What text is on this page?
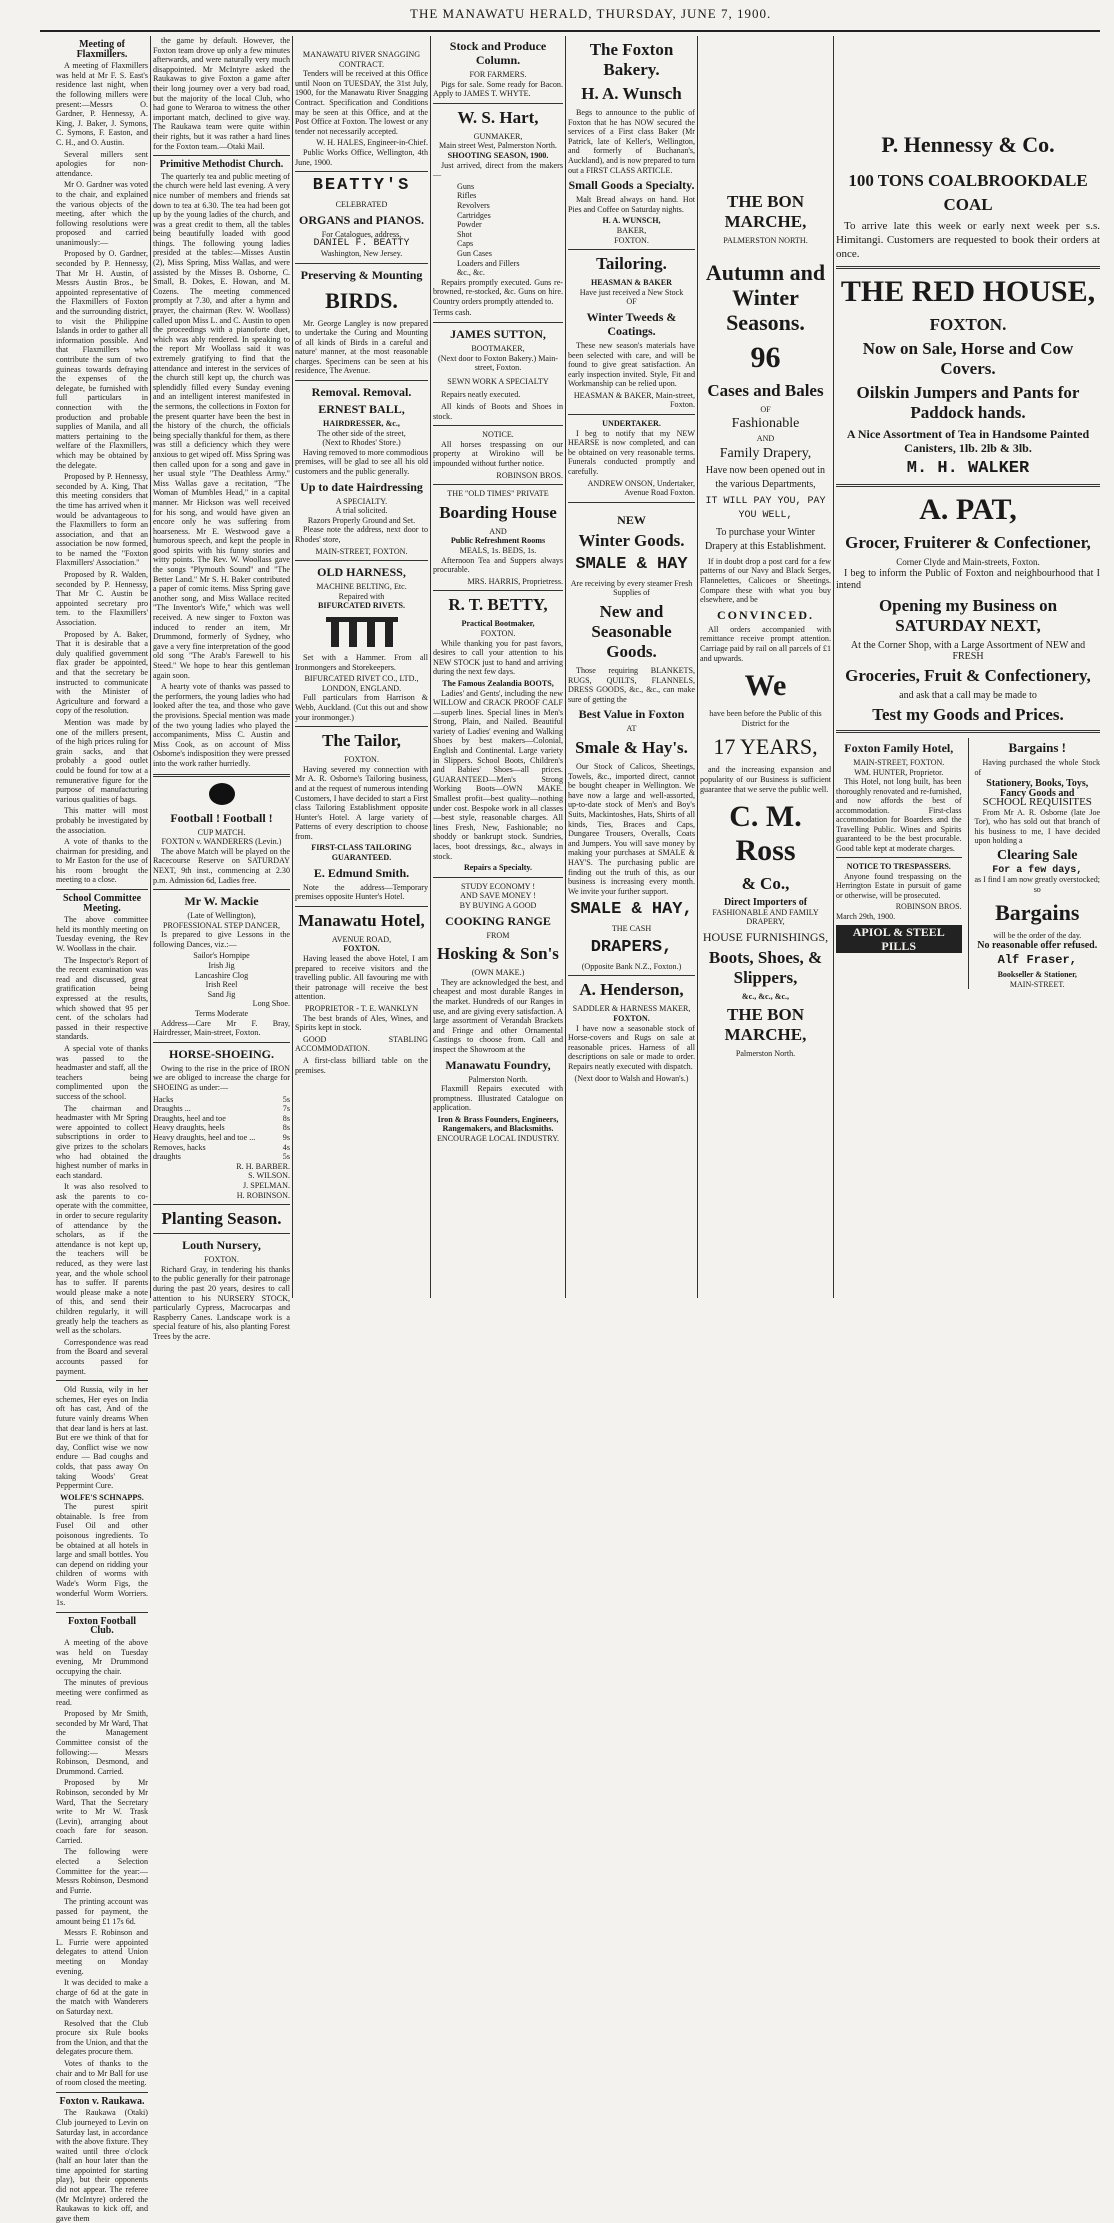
THE MANAWATU HERALD, THURSDAY, JUNE 7, 1900.
Meeting of Flaxmillers.

A meeting of Flaxmillers was held at Mr F. S. East's residence last night, when the following millers were present:—Messrs O. Gardner, P. Hennessy, A. King, J. Baker, J. Symons, C. Symons, F. Easton, and C. H., and O. Austin.

Several millers sent apologies for non-attendance.

Mr O. Gardner was voted to the chair, and explained the various objects of the meeting, after which the following resolutions were proposed and carried unanimously:—

Proposed by O. Gardner, seconded by P. Hennessy, That Mr H. Austin, of Messrs Austin Bros., be appointed representative of the Flaxmillers of Foxton and the surrounding district, to visit the Philippine Islands in order to gather all information possible. And that Flaxmillers who contribute the sum of two guineas towards defraying the expenses of the delegate, be furnished with full particulars in connection with the production and probable supplies of Manila, and all matters pertaining to the welfare of the Flaxmillers, which may be obtained by the delegate.

Proposed by P. Hennessy, seconded by A. King, That this meeting considers that the time has arrived when it would be advantageous to the Flaxmillers to form an association, and that an association be now formed, to be named the "Foxton Flaxmillers' Association."

Proposed by R. Walden, seconded by P. Hennessy, That Mr C. Austin be appointed secretary pro tem. to the Flaxmillers' Association.

Proposed by A. Baker, That it is desirable that a duly qualified government flax grader be appointed, and that the secretary be instructed to communicate with the Minister of Agriculture and forward a copy of the resolution.

Mention was made by one of the millers present, of the high prices ruling for grain sacks, and that probably a good outlet could be found for tow at a remunerative figure for the purpose of manufacturing various qualities of bags.

This matter will most probably be investigated by the association.

A vote of thanks to the chairman for presiding, and to Mr Easton for the use of his room brought the meeting to a close.

School Committee Meeting.

The above committee held its monthly meeting on Tuesday evening, the Rev W. Woollass in the chair.

The Inspector's Report of the recent examination was read and discussed, great gratification being expressed at the results, which showed that 95 per cent. of the scholars had passed in their respective standards.

A special vote of thanks was passed to the headmaster and staff, all the teachers being complimented upon the success of the school.

The chairman and headmaster with Mr Spring were appointed to collect subscriptions in order to give prizes to the scholars who had obtained the highest number of marks in each standard.

It was also resolved to ask the parents to co-operate with the committee, in order to secure regularity of attendance by the scholars, as if the attendance is not kept up, the teachers will be reduced, as they were last year, and the whole school has to suffer. If parents would please make a note of this, and send their children regularly, it will greatly help the teachers as well as the scholars.

Correspondence was read from the Board and several accounts passed for payment.

Old Russia, wily in her schemes, Her eyes on India oft has cast, And of the future vainly dreams When that dear land is hers at last. But ere we think of that for day, Conflict wise we now endure — Bad coughs and colds, that pass away On taking Woods' Great Peppermint Cure.

WOLFE'S SCHNAPPS.

The purest spirit obtainable. Is free from Fusel Oil and other poisonous ingredients. To be obtained at all hotels in large and small bottles. You can depend on ridding your children of worms with Wade's Worm Figs, the wonderful Worm Worriers. 1s.

Foxton Football Club.

A meeting of the above was held on Tuesday evening, Mr Drummond occupying the chair.

The minutes of previous meeting were confirmed as read.

Proposed by Mr Smith, seconded by Mr Ward, That the Management Committee consist of the following:— Messrs Robinson, Desmond, and Drummond. Carried.

Proposed by Mr Robinson, seconded by Mr Ward, That the Secretary write to Mr W. Trask (Levin), arranging about coach fare for season. Carried.

The following were elected a Selection Committee for the year:—Messrs Robinson, Desmond and Furrie.

The printing account was passed for payment, the amount being £1 17s 6d.

Messrs F. Robinson and L. Furrie were appointed delegates to attend Union meeting on Monday evening.

It was decided to make a charge of 6d at the gate in the match with Wanderers on Saturday next.

Resolved that the Club procure six Rule books from the Union, and that the delegates procure them.

Votes of thanks to the chair and to Mr Ball for use of room closed the meeting.

Foxton v. Raukawa.

The Raukawa (Otaki) Club journeyed to Levin on Saturday last, in accordance with the above fixture. They waited until three o'clock (half an hour later than the time appointed for starting play), but their opponents did not appear. The referee (Mr McIntyre) ordered the Raukawas to kick off, and gave them

the game by default. However, the Foxton team drove up only a few minutes afterwards, and were naturally very much disappointed. Mr McIntyre asked the Raukawas to give Foxton a game after their long journey over a very bad road, but the majority of the local Club, who had gone to Weraroa to witness the other important match, declined to give way. The Raukawa team were quite within their rights, but it was rather a hard lines for the Foxton team.—Otaki Mail.

Primitive Methodist Church.

The quarterly tea and public meeting of the church were held last evening. A very nice number of members and friends sat down to tea at 6.30. The tea had been got up by the young ladies of the church, and was a great credit to them, all the tables being beautifully loaded with good things. The following young ladies presided at the tables:—Misses Austin (2), Miss Spring, Miss Wallas, and were assisted by the Misses B. Osborne, C. Small, B. Dokes, E. Howan, and M. Cozens. The meeting commenced promptly at 7.30, and after a hymn and prayer, the chairman (Rev. W. Woollass) called upon Miss L. and C. Austin to open the proceedings with a pianoforte duet, which was ably rendered. In speaking to the report Mr Woollass said it was extremely gratifying to find that the attendance and interest in the services of the church still kept up, the church was splendidly filled every Sunday evening and an intelligent interest manifested in the sermons, the collections in Foxton for the present quarter have been the best in the history of the church, the officials being specially thankful for them, as there was still a deficiency which they were anxious to get wiped off. Miss Spring was then called upon for a song and gave in her usual style "The Deathless Army." Miss Wallas gave a recitation, "The Woman of Mumbles Head," in a capital manner. Mr Hickson was well received for his song, and would have given an encore only he was suffering from hoarseness. Mr E. Westwood gave a humorous speech, and kept the people in good spirits with his funny stories and witty points. The Rev. W. Woollass gave the songs "Plymouth Sound" and "The Better Land." Mr S. H. Baker contributed a paper of comic items. Miss Spring gave another song, and Miss Wallace recited "The Inventor's Wife," which was well received. A new singer to Foxton was induced to render an item, Mr Drummond, formerly of Sydney, who gave a very fine interpretation of the good old song "The Arab's Farewell to his Steed." We hope to hear this gentleman again soon.

A hearty vote of thanks was passed to the performers, the young ladies who had looked after the tea, and those who gave the provisions. Special mention was made of the two young ladies who played the accompaniments, Miss C. Austin and Miss Cook, as on account of Miss Osborne's indisposition they were pressed into the work rather hurriedly.

Football ! Football !
CUP MATCH.
FOXTON v. WANDERERS (Levin.)

The above Match will be played on the Racecourse Reserve on SATURDAY NEXT, 9th inst., commencing at 2.30 p.m. Admission 6d, Ladies free.

Mr W. Mackie
(Late of Wellington),
PROFESSIONAL STEP DANCER,

Is prepared to give Lessons in the following Dances, viz.:—

Sailor's Hornpipe
Irish Jig
Lancashire Clog
Irish Reel
Sand Jig
Long Shoe.
Terms Moderate

Address—Care Mr F. Bray, Hairdresser, Main-street, Foxton.

HORSE-SHOEING.

Owing to the rise in the price of IRON we are obliged to increase the charge for SHOEING as under:—

Hacks	5s
Draughts ...	7s
Draughts, heel and toe	8s
Heavy draughts, heels	8s
Heavy draughts, heel and toe ...	9s
Removes, hacks	4s
draughts	5s
R. H. BARBER.
S. WILSON.
J. SPELMAN.
H. ROBINSON.
Planting Season.
Louth Nursery,
FOXTON.

Richard Gray, in tendering his thanks to the public generally for their patronage during the past 20 years, desires to call attention to his NURSERY STOCK, particularly Cypress, Macrocarpas and Raspberry Canes. Landscape work is a special feature of his, also planting Forest Trees by the acre.

MANAWATU RIVER SNAGGING CONTRACT.

Tenders will be received at this Office until Noon on TUESDAY, the 31st July, 1900, for the Manawatu River Snagging Contract. Specification and Conditions may be seen at this Office, and at the Post Office at Foxton. The lowest or any tender not necessarily accepted.

W. H. HALES, Engineer-in-Chief.

Public Works Office, Wellington, 4th June, 1900.

BEATTY'S
CELEBRATED
ORGANS and PIANOS.
For Catalogues, address,
DANIEL F. BEATTY
Washington, New Jersey.
Preserving & Mounting
BIRDS.

Mr. George Langley is now prepared to undertake the Curing and Mounting of all kinds of Birds in a careful and nature' manner, at the most reasonable charges. Specimens can be seen at his residence, The Avenue.

Removal. Removal.
ERNEST BALL,
HAIRDRESSER, &c.,
The other side of the street,
(Next to Rhodes' Store.)

Having removed to more commodious premises, will be glad to see all his old customers and the public generally.

Up to date Hairdressing
A SPECIALTY.
A trial solicited.
Razors Properly Ground and Set.

Please note the address, next door to Rhodes' store,

MAIN-STREET, FOXTON.
OLD HARNESS,
MACHINE BELTING, Etc.
Repaired with
BIFURCATED RIVETS.

Set with a Hammer. From all Ironmongers and Storekeepers.

BIFURCATED RIVET CO., LTD., LONDON, ENGLAND.

Full particulars from Harrison & Webb, Auckland. (Cut this out and show your ironmonger.)

The Tailor,
FOXTON.

Having severed my connection with Mr A. R. Osborne's Tailoring business, and at the request of numerous intending Customers, I have decided to start a First class Tailoring Establishment opposite Hunter's Hotel. A large variety of Patterns of every description to choose from.

FIRST-CLASS TAILORING GUARANTEED.
E. Edmund Smith.

Note the address—Temporary premises opposite Hunter's Hotel.

Manawatu Hotel,
AVENUE ROAD,
FOXTON.

Having leased the above Hotel, I am prepared to receive visitors and the travelling public. All favouring me with their patronage will receive the best attention.

PROPRIETOR - T. E. WANKLYN

The best brands of Ales, Wines, and Spirits kept in stock.

GOOD STABLING ACCOMMODATION.

A first-class billiard table on the premises.

Stock and Produce Column.
FOR FARMERS.

Pigs for sale. Some ready for Bacon. Apply to JAMES T. WHYTE.

W. S. Hart,
GUNMAKER,
Main street West, Palmerston North.
SHOOTING SEASON, 1900.

Just arrived, direct from the makers—

Guns
Rifles
Revolvers
Cartridges
Powder
Shot
Caps
Gun Cases
Loaders and Fillers
&c., &c.

Repairs promptly executed. Guns re-browned, re-stocked, &c. Guns on hire. Country orders promptly attended to.

Terms cash.
JAMES SUTTON,
BOOTMAKER,
(Next door to Foxton Bakery.) Main-street, Foxton.
SEWN WORK A SPECIALTY

Repairs neatly executed.

All kinds of Boots and Shoes in stock.

NOTICE.

All horses trespassing on our property at Wirokino will be impounded without further notice.

ROBINSON BROS.
THE "OLD TIMES" PRIVATE
Boarding House
AND
Public Refreshment Rooms
MEALS, 1s. BEDS, 1s.

Afternoon Tea and Suppers always procurable.

MRS. HARRIS, Proprietress.
R. T. BETTY,
Practical Bootmaker,
FOXTON.

While thanking you for past favors, desires to call your attention to his NEW STOCK just to hand and arriving during the next few days.

The Famous Zealandia BOOTS,

Ladies' and Gents', including the new WILLOW and CRACK PROOF CALF—superb lines. Special lines in Men's Strong, Plain, and Nailed. Beautiful variety of Ladies' evening and Walking Shoes by best makers—Colonial, English and Continental. Large variety in Slippers. School Boots, Children's and Babies' Shoes—all prices. GUARANTEED—Men's Strong Working Boots—OWN MAKE. Smallest profit—best quality—nothing under cost. Bespoke work in all classes—best style, reasonable charges. All lines Fresh, New, Fashionable; no shoddy or bankrupt stock. Sundries, laces, boot dressings, &c., always in stock.

Repairs a Specialty.
STUDY ECONOMY !
AND SAVE MONEY !
BY BUYING A GOOD
COOKING RANGE
FROM
Hosking & Son's
(OWN MAKE.)

They are acknowledged the best, and cheapest and most durable Ranges in the market. Hundreds of our Ranges in use, and are giving every satisfaction. A large assortment of Verandah Brackets and Fringe and other Ornamental Castings to choose from. Call and inspect the Showroom at the

Manawatu Foundry,
Palmerston North.

Flaxmill Repairs executed with promptness. Illustrated Catalogue on application.

Iron & Brass Founders, Engineers, Rangemakers, and Blacksmiths.
ENCOURAGE LOCAL INDUSTRY.
The Foxton Bakery.
H. A. Wunsch

Begs to announce to the public of Foxton that he has NOW secured the services of a First class Baker (Mr Patrick, late of Keller's, Wellington, and formerly of Buchanan's, Auckland), and is now prepared to turn out a FIRST CLASS ARTICLE.

Small Goods a Specialty.

Malt Bread always on hand. Hot Pies and Coffee on Saturday nights.

H. A. WUNSCH,
BAKER,
FOXTON.
Tailoring.
HEASMAN & BAKER
Have just received a New Stock
OF
Winter Tweeds & Coatings.

These new season's materials have been selected with care, and will be found to give great satisfaction. An early inspection invited. Style, Fit and Workmanship can be relied upon.

HEASMAN & BAKER, Main-street, Foxton.
UNDERTAKER.

I beg to notify that my NEW HEARSE is now completed, and can be obtained on very reasonable terms. Funerals conducted promptly and carefully.

ANDREW ONSON, Undertaker, Avenue Road Foxton.
NEW
Winter Goods.
SMALE & HAY
Are receiving by every steamer Fresh Supplies of
New and Seasonable Goods.

Those requiring BLANKETS, RUGS, QUILTS, FLANNELS, DRESS GOODS, &c., &c., can make sure of getting the

Best Value in Foxton
AT
Smale & Hay's.

Our Stock of Calicos, Sheetings, Towels, &c., imported direct, cannot be bought cheaper in Wellington. We have now a large and well-assorted, up-to-date stock of Men's and Boy's Suits, Mackintoshes, Hats, Shirts of all kinds, Ties, Braces and Caps, Dungaree Trousers, Overalls, Coats and Jumpers. You will save money by making your purchases at SMALE & HAY'S. The purchasing public are finding out the truth of this, as our business is increasing every month. We invite your further support.

SMALE & HAY,
THE CASH
DRAPERS,
(Opposite Bank N.Z., Foxton.)
A. Henderson,
SADDLER & HARNESS MAKER,
FOXTON.

I have now a seasonable stock of Horse-covers and Rugs on sale at reasonable prices. Harness of all descriptions on sale or made to order. Repairs neatly executed with dispatch.

(Next door to Walsh and Howan's.)
THE BON MARCHE,
PALMERSTON NORTH.
Autumn and Winter Seasons.
96
Cases and Bales
OF
Fashionable
AND
Family Drapery,
Have now been opened out in the various Departments,
IT WILL PAY YOU, PAY YOU WELL,
To purchase your Winter Drapery at this Establishment.

If in doubt drop a post card for a few patterns of our Navy and Black Serges, Flannelettes, Calicoes or Sheetings. Compare these with what you buy elsewhere, and be

CONVINCED.

All orders accompanied with remittance receive prompt attention. Carriage paid by rail on all parcels of £1 and upwards.

We
have been before the Public of this District for the
17 YEARS,

and the increasing expansion and popularity of our Business is sufficient guarantee that we serve the public well.

C. M. Ross
& Co.,
Direct Importers of
FASHIONABLE AND FAMILY DRAPERY,
HOUSE FURNISHINGS,
Boots, Shoes, & Slippers,
&c., &c., &c.,
THE BON MARCHE,
Palmerston North.
P. Hennessy & Co.
100 TONS COALBROOKDALE
COAL

To arrive late this week or early next week per s.s. Himitangi. Customers are requested to book their orders at once.

THE RED HOUSE,
FOXTON.
Now on Sale, Horse and Cow Covers.
Oilskin Jumpers and Pants for Paddock hands.
A Nice Assortment of Tea in Handsome Painted Canisters, 1lb. 2lb & 3lb.
M. H. WALKER
A. PAT,
Grocer, Fruiterer & Confectioner,
Corner Clyde and Main-streets, Foxton.

I beg to inform the Public of Foxton and neighbourhood that I intend

Opening my Business on SATURDAY NEXT,
At the Corner Shop, with a Large Assortment of NEW and FRESH
Groceries, Fruit & Confectionery,
and ask that a call may be made to
Test my Goods and Prices.
Foxton Family Hotel,
MAIN-STREET, FOXTON.
WM. HUNTER, Proprietor.

This Hotel, not long built, has been thoroughly renovated and re-furnished, and now affords the best of accommodation. First-class accommodation for Boarders and the Travelling Public. Wines and Spirits guaranteed to be the best procurable. Good table kept at moderate charges.

NOTICE TO TRESPASSERS.

Anyone found trespassing on the Herrington Estate in pursuit of game or otherwise, will be prosecuted.

ROBINSON BROS.
March 29th, 1900.
APIOL & STEEL PILLS
Bargains !

Having purchased the whole Stock of

Stationery, Books, Toys, Fancy Goods and
SCHOOL REQUISITES

From Mr A. R. Osborne (late Joe Tor), who has sold out that branch of his business to me, I have decided upon holding a

Clearing Sale
For a few days,
as I find I am now greatly overstocked; so
Bargains
will be the order of the day.
No reasonable offer refused.
Alf Fraser,
Bookseller & Stationer,
MAIN-STREET.
